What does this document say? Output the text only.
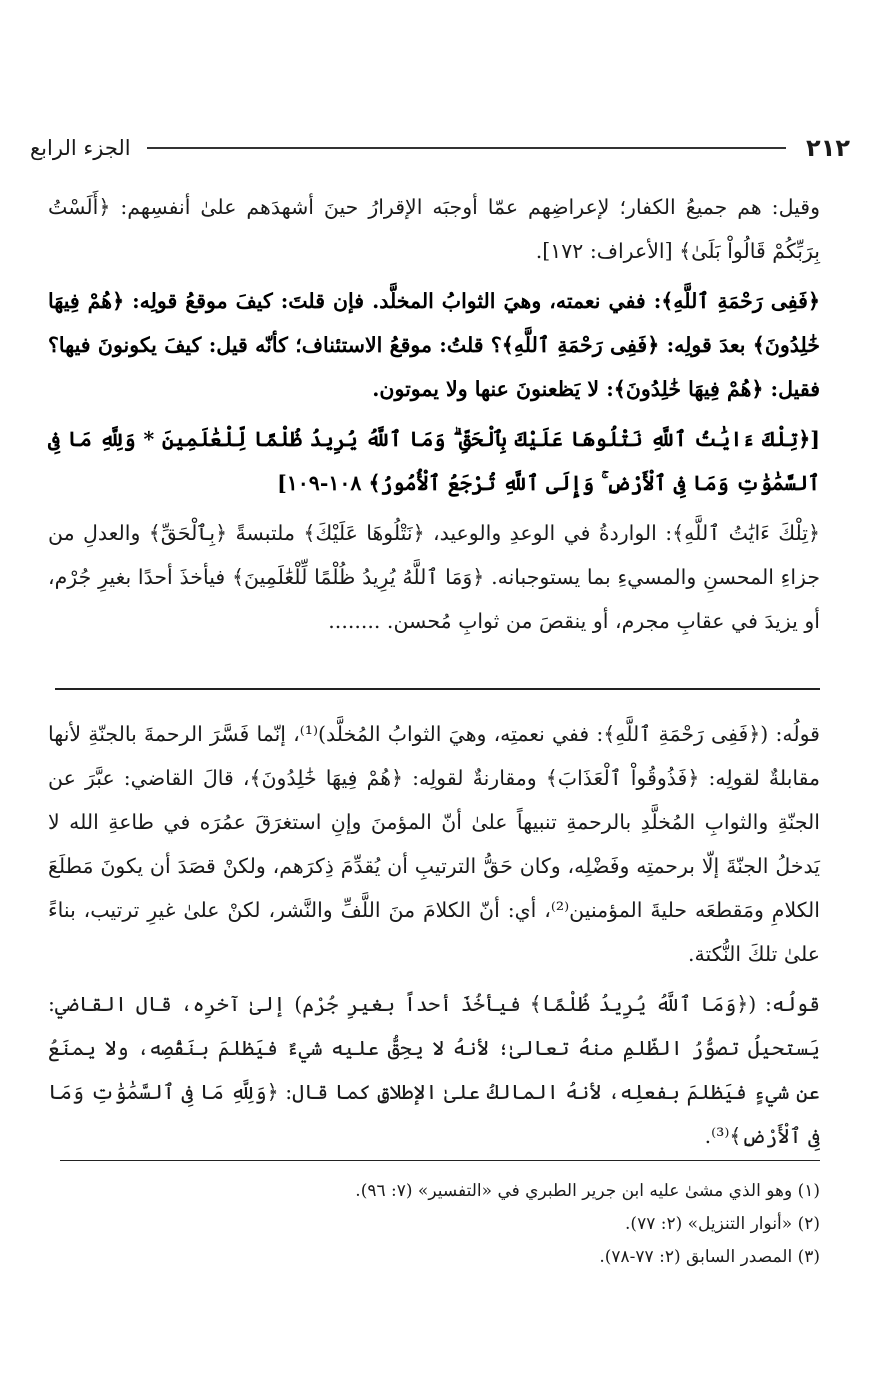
٢١٢
الجزء الرابع

وقيل: هم جميعُ الكفار؛ لإعراضِهم عمّا أوجبَه الإقرارُ حينَ أشهدَهم علىٰ أنفسِهم: ﴿أَلَسْتُ بِرَبِّكُمْ قَالُواْ بَلَىٰ﴾ [الأعراف: ١٧٢].

﴿فَفِى رَحْمَةِ ٱللَّهِ﴾: ففي نعمته، وهيَ الثوابُ المخلَّد. فإن قلتَ: كيفَ موقعُ قولِه: ﴿هُمْ فِيهَا خَٰلِدُونَ﴾ بعدَ قولِه: ﴿فَفِى رَحْمَةِ ٱللَّهِ﴾؟ قلتُ: موقعُ الاستئناف؛ كأنّه قيل: كيفَ يكونونَ فيها؟ فقيل: ﴿هُمْ فِيهَا خَٰلِدُونَ﴾: لا يَظعنونَ عنها ولا يموتون.

[﴿تِلْكَ ءَايَٰتُ ٱللَّهِ نَتْلُوهَا عَلَيْكَ بِٱلْحَقِّ ۗ وَمَا ٱللَّهُ يُرِيدُ ظُلْمًا لِّلْعَٰلَمِينَ * وَلِلَّهِ مَا فِى ٱلسَّمَٰوَٰتِ وَمَا فِى ٱلْأَرْضِ ۚ وَإِلَى ٱللَّهِ تُرْجَعُ ٱلْأُمُورُ﴾ ١٠٨-١٠٩]

﴿تِلْكَ ءَايَٰتُ ٱللَّهِ﴾: الواردةُ في الوعدِ والوعيد، ﴿نَتْلُوهَا عَلَيْكَ﴾ ملتبسةً ﴿بِٱلْحَقِّ﴾ والعدلِ من جزاءِ المحسنِ والمسيءِ بما يستوجبانه. ﴿وَمَا ٱللَّهُ يُرِيدُ ظُلْمًا لِّلْعَٰلَمِينَ﴾ فيأخذَ أحدًا بغيرِ جُرْم، أو يزيدَ في عقابِ مجرم، أو ينقصَ من ثوابِ مُحسن. ........

قولُه: (﴿فَفِى رَحْمَةِ ٱللَّهِ﴾: ففي نعمتِه، وهيَ الثوابُ المُخلَّد)⁽¹⁾، إنّما فَسَّرَ الرحمةَ بالجنّةِ لأنها مقابلةٌ لقولِه: ﴿فَذُوقُواْ ٱلْعَذَابَ﴾ ومقارنةٌ لقولِه: ﴿هُمْ فِيهَا خَٰلِدُونَ﴾، قالَ القاضي: عبَّرَ عن الجنّةِ والثوابِ المُخلَّدِ بالرحمةِ تنبيهاً علىٰ أنّ المؤمنَ وإنِ استغرَقَ عمُرَه في طاعةِ الله لا يَدخلُ الجنّةَ إلّا برحمتِه وفَضْلِه، وكان حَقُّ الترتيبِ أن يُقدِّمَ ذِكرَهم، ولكنْ قصَدَ أن يكونَ مَطلَعَ الكلامِ ومَقطعَه حليةَ المؤمنين⁽²⁾، أي: أنّ الكلامَ منَ اللَّفِّ والنَّشر، لكنْ علىٰ غيرِ ترتيب، بناءً علىٰ تلكَ النُّكتة.

قولُه: (﴿وَمَا ٱللَّهُ يُرِيدُ ظُلْمًا﴾ فيأخُذَ أحداً بغيرِ جُرْم) إلىٰ آخرِه، قال القاضي: يَستحيلُ تصوُّرُ الظّلمِ منهُ تعالىٰ؛ لأنهُ لا يحِقُّ عليه شيءٌ فيَظلمَ بنَقْصِه، ولا يمنَعُ عن شيءٍ فيَظلمَ بفعلِه، لأنهُ المالكُ علىٰ الإطلاقِ كما قال: ﴿وَلِلَّهِ مَا فِى ٱلسَّمَٰوَٰتِ وَمَا فِى ٱلْأَرْضِ﴾⁽³⁾.

(١) وهو الذي مشىٰ عليه ابن جرير الطبري في «التفسير» (٧: ٩٦).

(٢) «أنوار التنزيل» (٢: ٧٧).

(٣) المصدر السابق (٢: ٧٧-٧٨).
